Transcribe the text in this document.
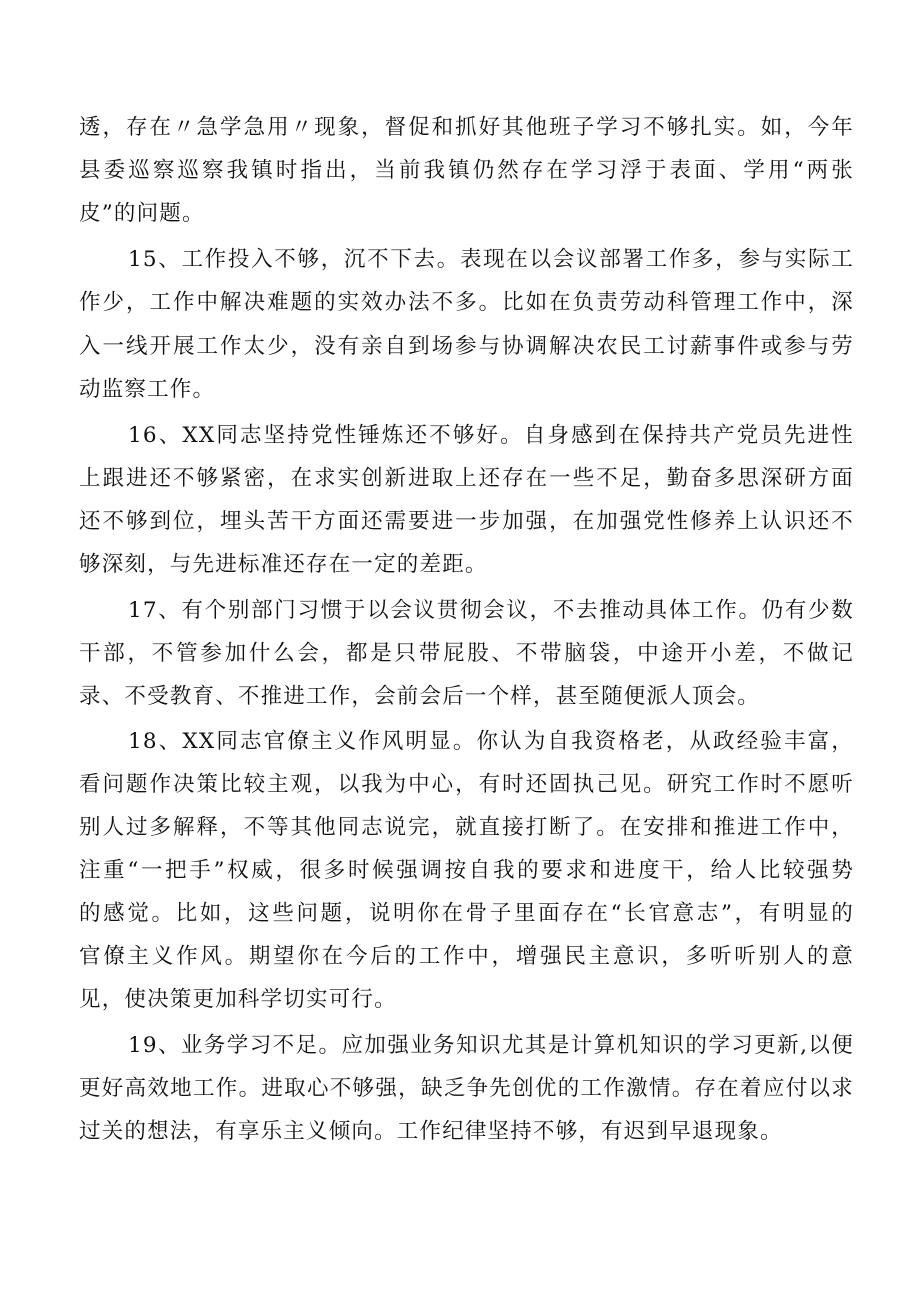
透，存在〃急学急用〃现象，督促和抓好其他班子学习不够扎实。如，今年
县委巡察巡察我镇时指出，当前我镇仍然存在学习浮于表面、学用“两张
皮”的问题。
15、工作投入不够，沉不下去。表现在以会议部署工作多，参与实际工
作少，工作中解决难题的实效办法不多。比如在负责劳动科管理工作中，深
入一线开展工作太少，没有亲自到场参与协调解决农民工讨薪事件或参与劳
动监察工作。
16、XX同志坚持党性锤炼还不够好。自身感到在保持共产党员先进性
上跟进还不够紧密，在求实创新进取上还存在一些不足，勤奋多思深研方面
还不够到位，埋头苦干方面还需要进一步加强，在加强党性修养上认识还不
够深刻，与先进标准还存在一定的差距。
17、有个别部门习惯于以会议贯彻会议，不去推动具体工作。仍有少数
干部，不管参加什么会，都是只带屁股、不带脑袋，中途开小差，不做记
录、不受教育、不推进工作，会前会后一个样，甚至随便派人顶会。
18、XX同志官僚主义作风明显。你认为自我资格老，从政经验丰富，
看问题作决策比较主观，以我为中心，有时还固执己见。研究工作时不愿听
别人过多解释，不等其他同志说完，就直接打断了。在安排和推进工作中，
注重“一把手”权威，很多时候强调按自我的要求和进度干，给人比较强势
的感觉。比如，这些问题，说明你在骨子里面存在“长官意志”，有明显的
官僚主义作风。期望你在今后的工作中，增强民主意识，多听听别人的意
见，使决策更加科学切实可行。
19、业务学习不足。应加强业务知识尤其是计算机知识的学习更新,以便
更好高效地工作。进取心不够强，缺乏争先创优的工作激情。存在着应付以求
过关的想法，有享乐主义倾向。工作纪律坚持不够，有迟到早退现象。
